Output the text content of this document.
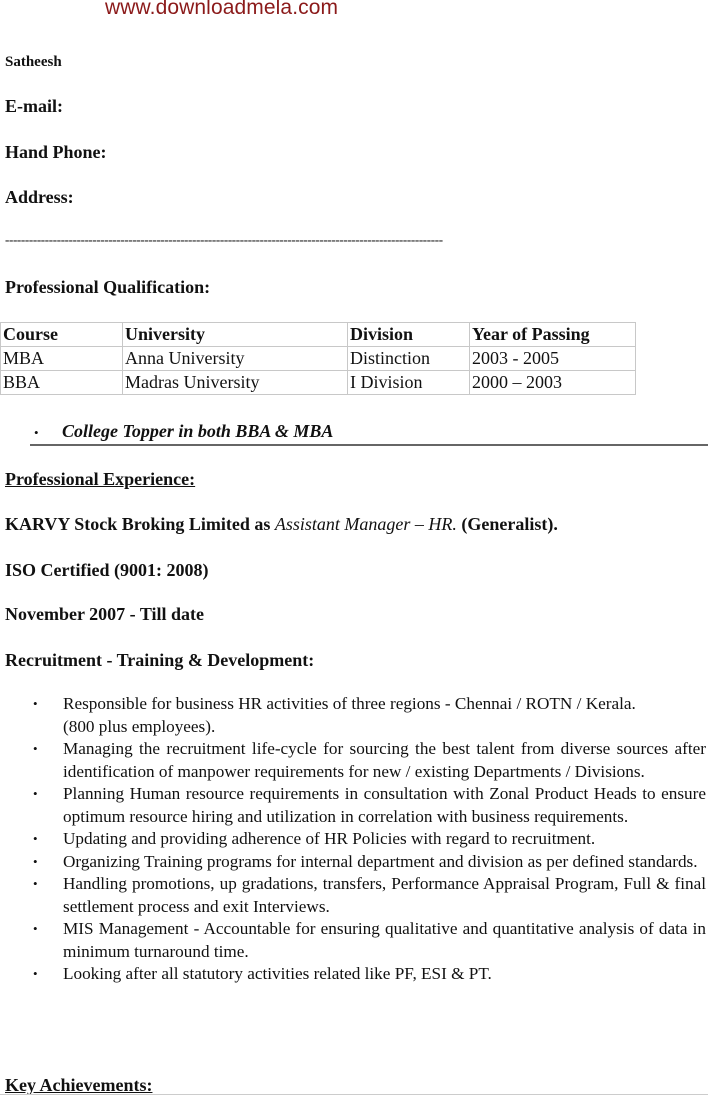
www.downloadmela.com
Satheesh
E-mail:
Hand Phone:
Address:
--------------------------------------------------------------------------------------------------------------
Professional Qualification:
Course	University	Division	Year of Passing
MBA	Anna University	Distinction	2003 - 2005
BBA	Madras University	I Division	2000 – 2003
• College Topper in both BBA & MBA
Professional Experience:
KARVY Stock Broking Limited as Assistant Manager – HR. (Generalist).
ISO Certified (9001: 2008)
November 2007 - Till date
Recruitment - Training & Development:
• Responsible for business HR activities of three regions - Chennai / ROTN / Kerala. (800 plus employees).
• Managing the recruitment life-cycle for sourcing the best talent from diverse sources after identification of manpower requirements for new / existing Departments / Divisions.
• Planning Human resource requirements in consultation with Zonal Product Heads to ensure optimum resource hiring and utilization in correlation with business requirements.
• Updating and providing adherence of HR Policies with regard to recruitment.
• Organizing Training programs for internal department and division as per defined standards.
• Handling promotions, up gradations, transfers, Performance Appraisal Program, Full & final settlement process and exit Interviews.
• MIS Management - Accountable for ensuring qualitative and quantitative analysis of data in minimum turnaround time.
• Looking after all statutory activities related like PF, ESI & PT.
Key Achievements:
